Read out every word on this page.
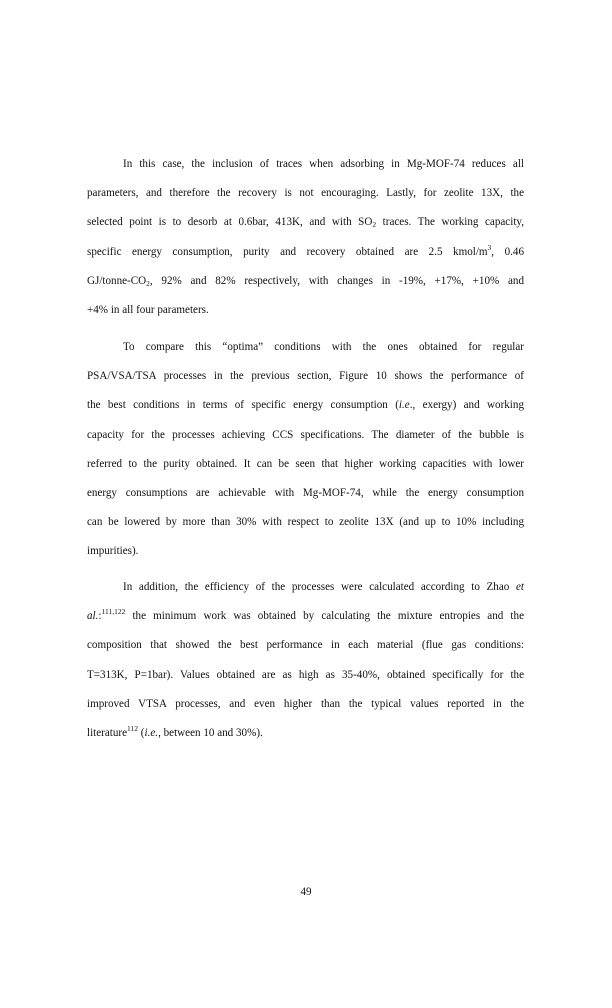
In this case, the inclusion of traces when adsorbing in Mg-MOF-74 reduces all
parameters, and therefore the recovery is not encouraging. Lastly, for zeolite 13X, the
selected point is to desorb at 0.6bar, 413K, and with $SO_2$ traces. The working capacity,
specific energy consumption, purity and recovery obtained are 2.5 kmol/$m^3$, 0.46
$GJ/tonne-CO_2$, 92% and 82% respectively, with changes in -19%, +17%, +10% and
+4% in all four parameters.

To compare this “optima” conditions with the ones obtained for regular
PSA/VSA/TSA processes in the previous section, Figure 10 shows the performance of
the best conditions in terms of specific energy consumption (i.e., exergy) and working
capacity for the processes achieving CCS specifications. The diameter of the bubble is
referred to the purity obtained. It can be seen that higher working capacities with lower
energy consumptions are achievable with Mg-MOF-74, while the energy consumption
can be lowered by more than 30% with respect to zeolite 13X (and up to 10% including
impurities).

In addition, the efficiency of the processes were calculated according to Zhao et
al.:$^{111,122}$ the minimum work was obtained by calculating the mixture entropies and the
composition that showed the best performance in each material (flue gas conditions:
T=313K, P=1bar). Values obtained are as high as 35-40%, obtained specifically for the
improved VTSA processes, and even higher than the typical values reported in the
literature$^{112}$ (i.e., between 10 and 30%).

49
